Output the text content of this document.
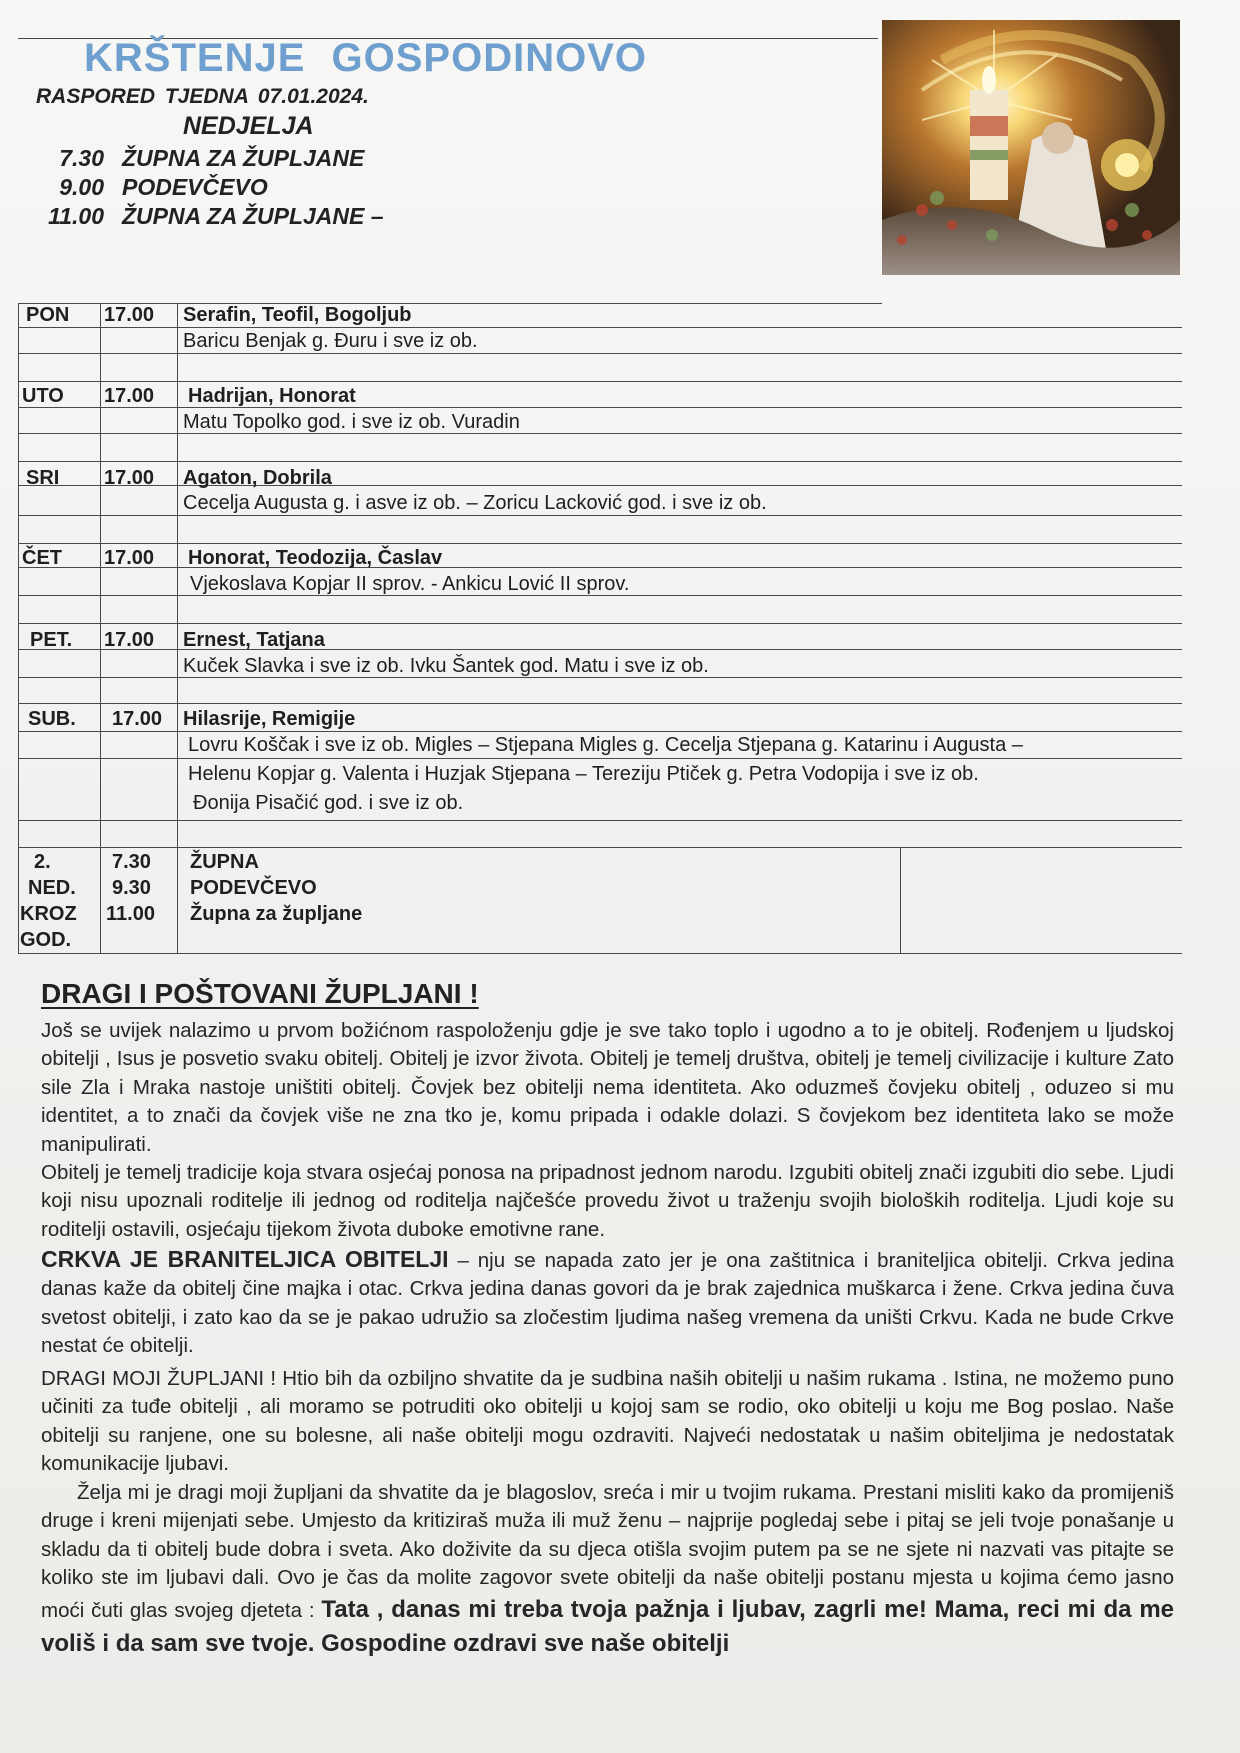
KRŠTENJE GOSPODINOVO
RASPORED TJEDNA 07.01.2024.
NEDJELJA
7.30 ŽUPNA ZA ŽUPLJANE
9.00 PODEVČEVO
11.00 ŽUPNA ZA ŽUPLJANE –
PON 17.00 Serafin, Teofil, Bogoljub
Baricu Benjak g. Đuru i sve iz ob.
UTO 17.00 Hadrijan, Honorat
Matu Topolko god. i sve iz ob. Vuradin
SRI 17.00 Agaton, Dobrila
Cecelja Augusta g. i asve iz ob. – Zoricu Lacković god. i sve iz ob.
ČET 17.00 Honorat, Teodozija, Časlav
Vjekoslava Kopjar II sprov. - Ankicu Lović II sprov.
PET. 17.00 Ernest, Tatjana
Kuček Slavka i sve iz ob. Ivku Šantek god. Matu i sve iz ob.
SUB. 17.00 Hilasrije, Remigije
Lovru Koščak i sve iz ob. Migles – Stjepana Migles g. Cecelja Stjepana g. Katarinu i Augusta –
Helenu Kopjar g. Valenta i Huzjak Stjepana – Tereziju Ptiček g. Petra Vodopija i sve iz ob.
Đonija Pisačić god. i sve iz ob.
2.
NED.
KROZ
GOD.
7.30
9.30
11.00
ŽUPNA
PODEVČEVO
Župna za župljane
DRAGI I POŠTOVANI ŽUPLJANI !

Još se uvijek nalazimo u prvom božićnom raspoloženju gdje je sve tako toplo i ugodno a to je obitelj. Rođenjem u ljudskoj obitelji , Isus je posvetio svaku obitelj. Obitelj je izvor života. Obitelj je temelj društva, obitelj je temelj civilizacije i kulture Zato sile Zla i Mraka nastoje uništiti obitelj. Čovjek bez obitelji nema identiteta. Ako oduzmeš čovjeku obitelj , oduzeo si mu identitet, a to znači da čovjek više ne zna tko je, komu pripada i odakle dolazi. S čovjekom bez identiteta lako se može manipulirati.

Obitelj je temelj tradicije koja stvara osjećaj ponosa na pripadnost jednom narodu. Izgubiti obitelj znači izgubiti dio sebe. Ljudi koji nisu upoznali roditelje ili jednog od roditelja najčešće provedu život u traženju svojih bioloških roditelja. Ljudi koje su roditelji ostavili, osjećaju tijekom života duboke emotivne rane.

CRKVA JE BRANITELJICA OBITELJI – nju se napada zato jer je ona zaštitnica i braniteljica obitelji. Crkva jedina danas kaže da obitelj čine majka i otac. Crkva jedina danas govori da je brak zajednica muškarca i žene. Crkva jedina čuva svetost obitelji, i zato kao da se je pakao udružio sa zločestim ljudima našeg vremena da uništi Crkvu. Kada ne bude Crkve nestat će obitelji.

DRAGI MOJI ŽUPLJANI ! Htio bih da ozbiljno shvatite da je sudbina naših obitelji u našim rukama . Istina, ne možemo puno učiniti za tuđe obitelji , ali moramo se potruditi oko obitelji u kojoj sam se rodio, oko obitelji u koju me Bog poslao. Naše obitelji su ranjene, one su bolesne, ali naše obitelji mogu ozdraviti. Najveći nedostatak u našim obiteljima je nedostatak komunikacije ljubavi.

Želja mi je dragi moji župljani da shvatite da je blagoslov, sreća i mir u tvojim rukama. Prestani misliti kako da promijeniš druge i kreni mijenjati sebe. Umjesto da kritiziraš muža ili muž ženu – najprije pogledaj sebe i pitaj se jeli tvoje ponašanje u skladu da ti obitelj bude dobra i sveta. Ako doživite da su djeca otišla svojim putem pa se ne sjete ni nazvati vas pitajte se koliko ste im ljubavi dali. Ovo je čas da molite zagovor svete obitelji da naše obitelji postanu mjesta u kojima ćemo jasno moći čuti glas svojeg djeteta : Tata , danas mi treba tvoja pažnja i ljubav, zagrli me! Mama, reci mi da me voliš i da sam sve tvoje. Gospodine ozdravi sve naše obitelji
